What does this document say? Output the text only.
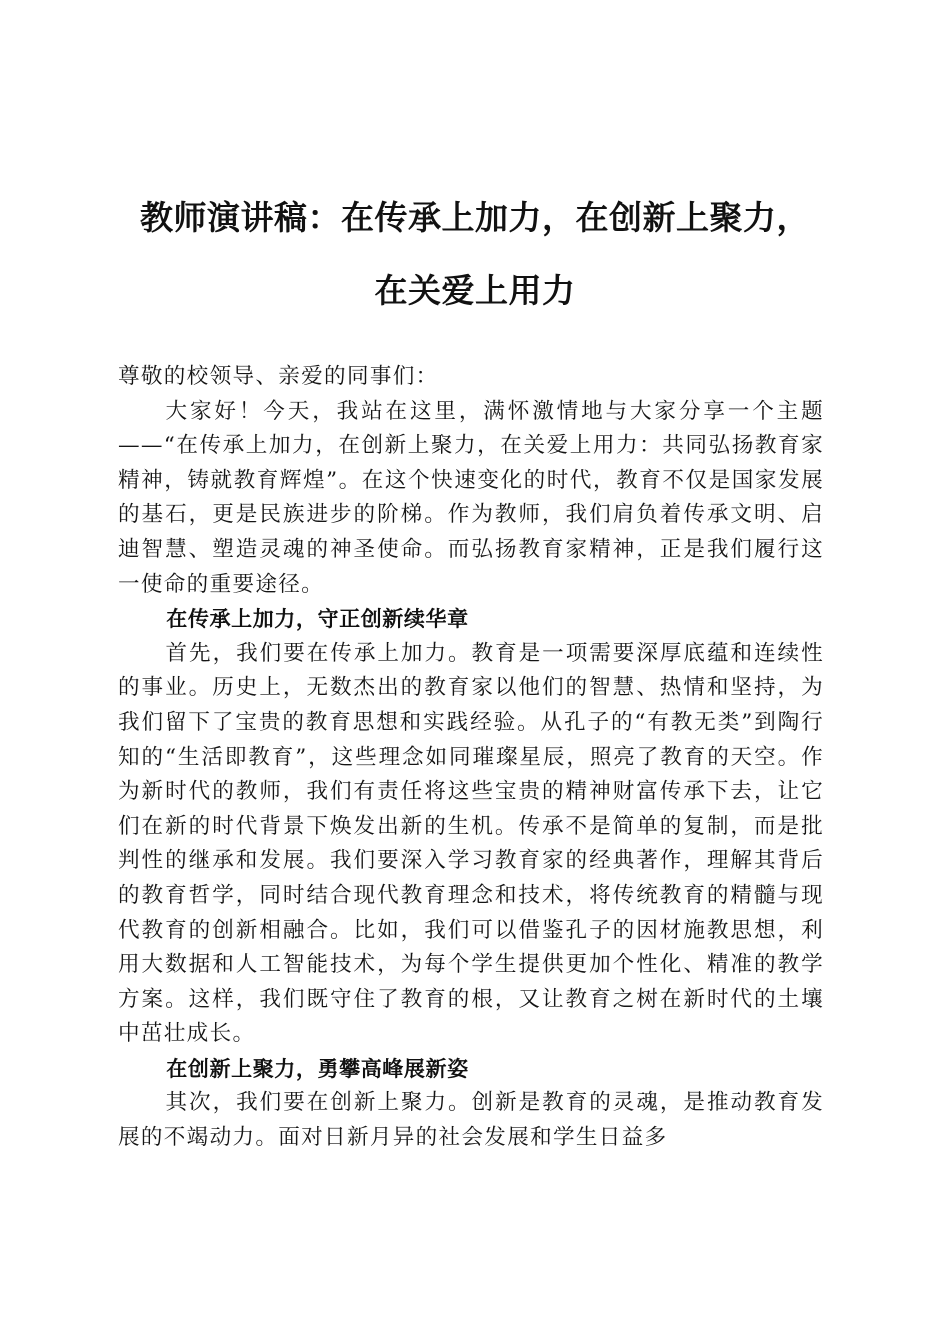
教师演讲稿：在传承上加力，在创新上聚力，
在关爱上用力

尊敬的校领导、亲爱的同事们：

大家好！今天，我站在这里，满怀激情地与大家分享一个主题——“在传承上加力，在创新上聚力，在关爱上用力：共同弘扬教育家精神，铸就教育辉煌”。在这个快速变化的时代，教育不仅是国家发展的基石，更是民族进步的阶梯。作为教师，我们肩负着传承文明、启迪智慧、塑造灵魂的神圣使命。而弘扬教育家精神，正是我们履行这一使命的重要途径。

在传承上加力，守正创新续华章

首先，我们要在传承上加力。教育是一项需要深厚底蕴和连续性的事业。历史上，无数杰出的教育家以他们的智慧、热情和坚持，为我们留下了宝贵的教育思想和实践经验。从孔子的“有教无类”到陶行知的“生活即教育”，这些理念如同璀璨星辰，照亮了教育的天空。作为新时代的教师，我们有责任将这些宝贵的精神财富传承下去，让它们在新的时代背景下焕发出新的生机。传承不是简单的复制，而是批判性的继承和发展。我们要深入学习教育家的经典著作，理解其背后的教育哲学，同时结合现代教育理念和技术，将传统教育的精髓与现代教育的创新相融合。比如，我们可以借鉴孔子的因材施教思想，利用大数据和人工智能技术，为每个学生提供更加个性化、精准的教学方案。这样，我们既守住了教育的根，又让教育之树在新时代的土壤中茁壮成长。

在创新上聚力，勇攀高峰展新姿

其次，我们要在创新上聚力。创新是教育的灵魂，是推动教育发展的不竭动力。面对日新月异的社会发展和学生日益多
